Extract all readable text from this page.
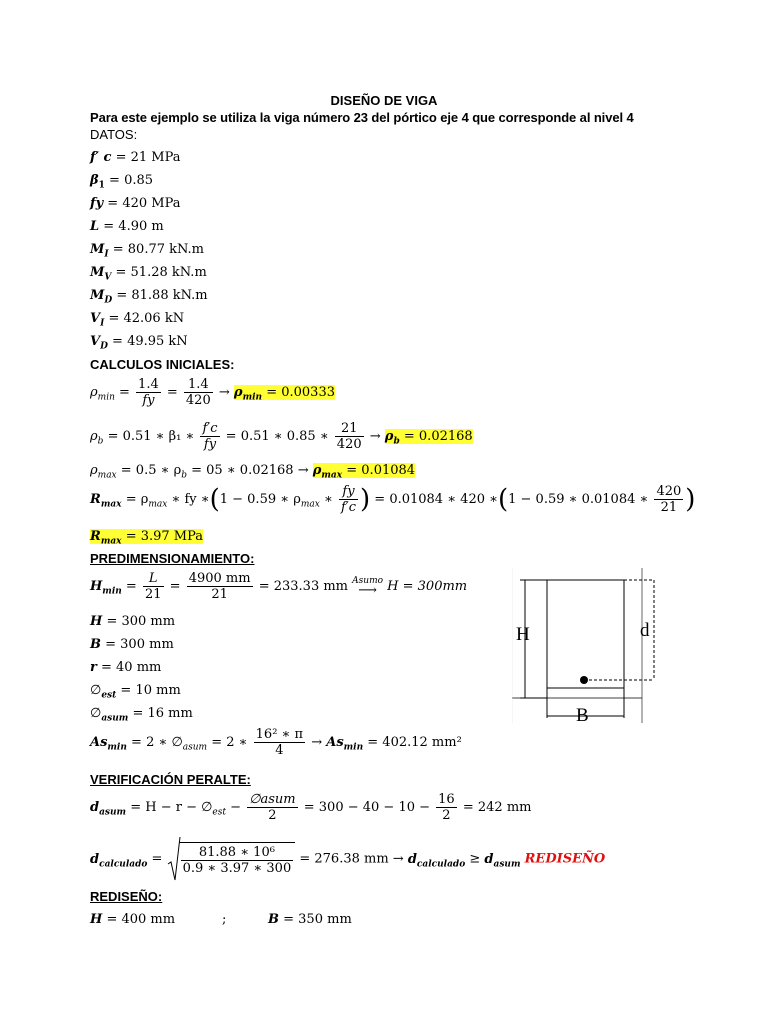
DISEÑO DE VIGA
Para este ejemplo se utiliza la viga número 23 del pórtico eje 4 que corresponde al nivel 4
DATOS:
f′ c = 21 MPa
$\beta_1 = 0.85$
fy = 420 MPa
L = 4.90 m
$M_I = 80.77$ kN.m
$M_V = 51.28$ kN.m
$M_D = 81.88$ kN.m
$V_I = 42.06$ kN
$V_D = 49.95$ kN
CALCULOS INICIALES:
$\rho_{min} = \frac{1.4}{fy} = \frac{1.4}{420} \to \rho_{min} = 0.00333$
$\rho_b = 0.51$ ∗ β₁ ∗ $\frac{f'c}{fy} = 0.51$ ∗ 0.85 ∗ $\frac{21}{420} \to \rho_b = 0.02168$
$\rho_{max} = 0.5$ ∗ $\rho_b = 05$ ∗ $0.02168 \to \rho_{max} = 0.01084$
$R_{max} = \rho_{max}$ ∗ fy ∗(1 − 0.59 ∗ $\rho_{max}$ ∗ $\frac{fy}{f'c}$ ) = 0.01084 ∗ 420 ∗(1 − 0.59 ∗ 0.01084 ∗ $\frac{420}{21}$ )
$R_{max} = 3.97$ MPa
PREDIMENSIONAMIENTO:
$H_{min} = \frac{L}{21} = \frac{4900 mm}{21} = 233.33$ mm Asumo
⟶ H = 300mm
H = 300 mm
B = 300 mm
r = 40 mm
$\emptyset_{est} = 10$ mm
$\emptyset_{asum} = 16$ mm
$As_{min} = 2$ ∗ $\emptyset_{asum} = 2$ ∗ $\frac{\text{16² ∗ π}}{4} \to As_{min} = 402.12$ mm²
VERIFICACIÓN PERALTE:
$d_{asum} = H - r$ − $\emptyset_{est} - \frac{\text{∅asum}}{2} = 300 - 40 - 10 - \frac{16}{2} = 242$ mm
$d_{calculado} = \frac{\text{81.88 ∗ 10⁶}}{0.9 ∗ 3.97 ∗ 300} = 276.38$ mm → $d_{calculado} \ge d_{asum}$ REDISEÑO
REDISEÑO:
H = 400 mm	;	B = 350 mm
H	d
B
